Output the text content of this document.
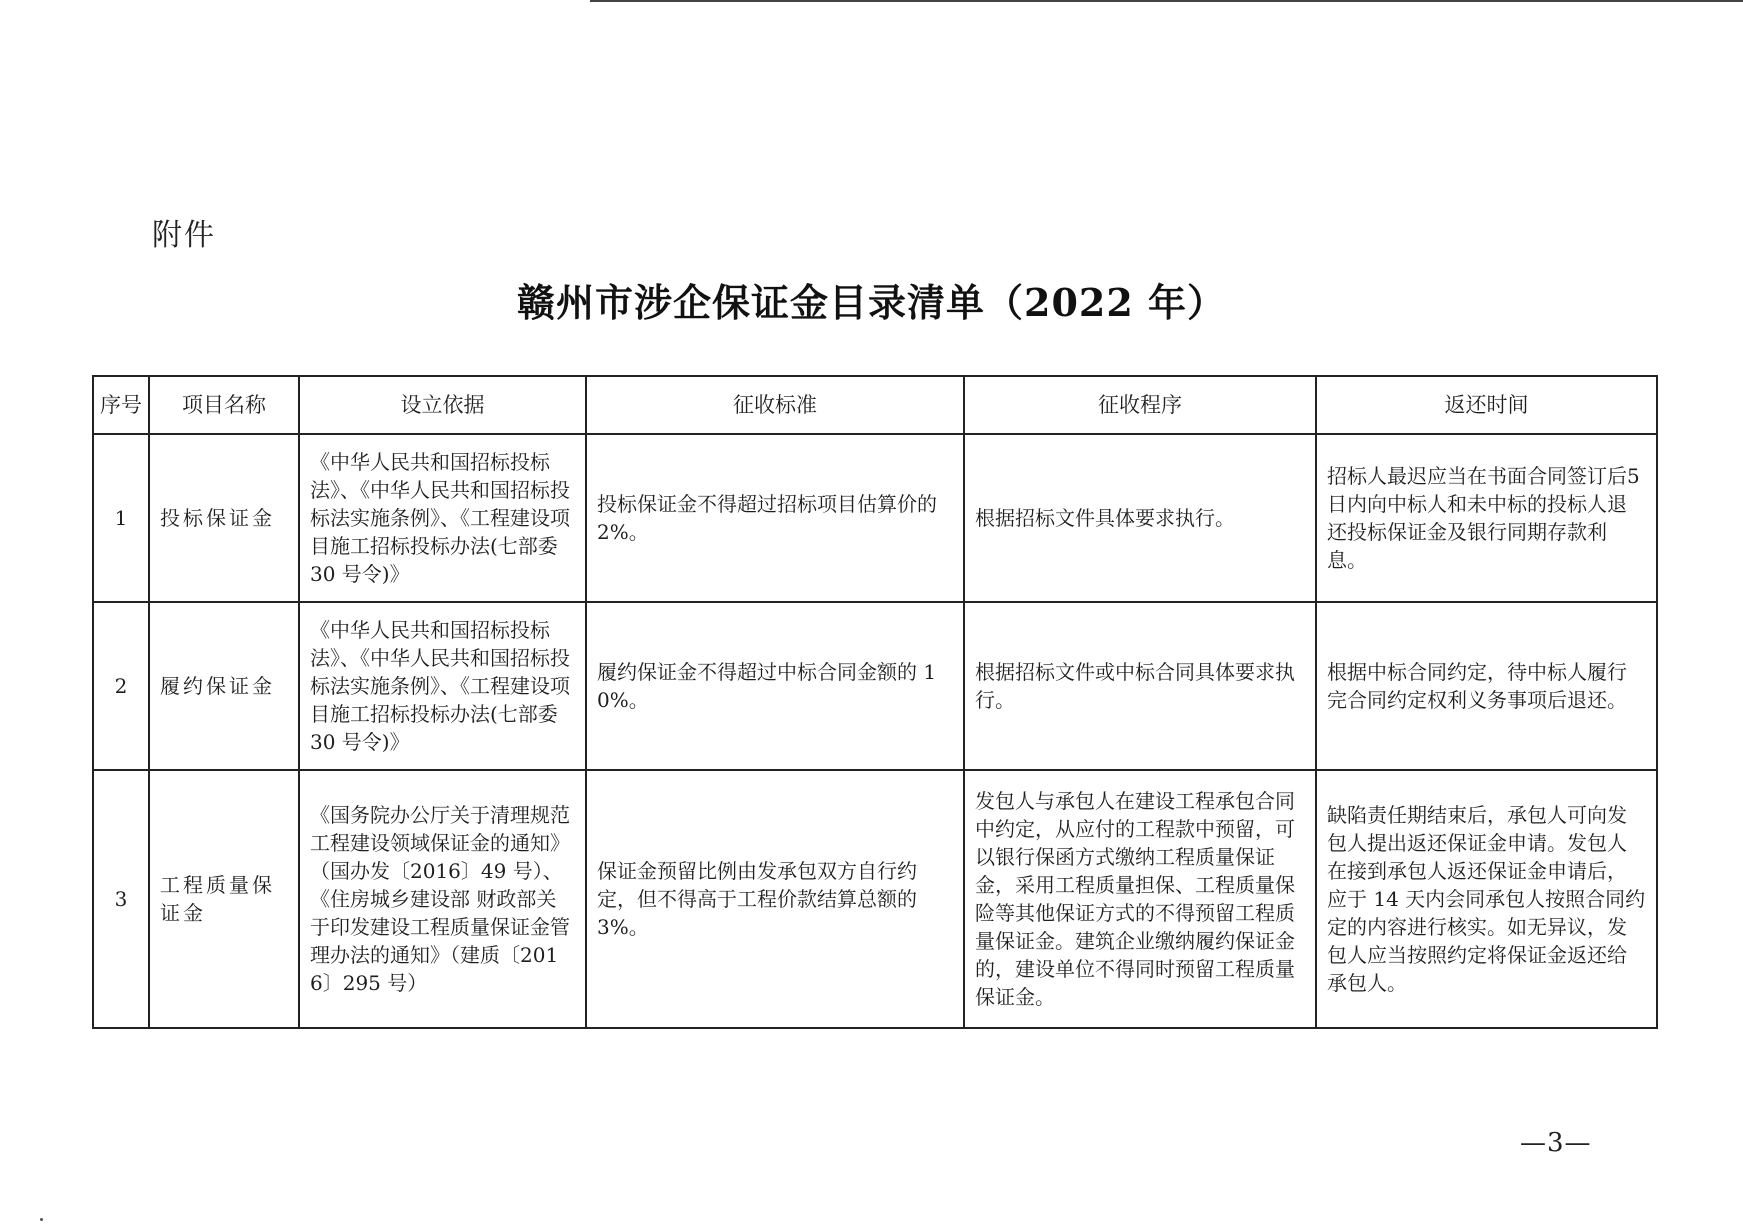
附件
赣州市涉企保证金目录清单（2022 年）
序号	项目名称	设立依据	征收标准	征收程序	返还时间
1	投标保证金	《中华人民共和国招标投标法》、《中华人民共和国招标投标法实施条例》、《工程建设项目施工招标投标办法(七部委 30 号令)》	投标保证金不得超过招标项目估算价的 2%。	根据招标文件具体要求执行。	招标人最迟应当在书面合同签订后5日内向中标人和未中标的投标人退还投标保证金及银行同期存款利息。
2	履约保证金	《中华人民共和国招标投标法》、《中华人民共和国招标投标法实施条例》、《工程建设项目施工招标投标办法(七部委 30 号令)》	履约保证金不得超过中标合同金额的 10%。	根据招标文件或中标合同具体要求执行。	根据中标合同约定，待中标人履行完合同约定权利义务事项后退还。
3	工程质量保证金	《国务院办公厅关于清理规范工程建设领域保证金的通知》（国办发〔2016〕49 号）、《住房城乡建设部 财政部关于印发建设工程质量保证金管理办法的通知》（建质〔2016〕295 号）	保证金预留比例由发承包双方自行约定，但不得高于工程价款结算总额的 3%。	发包人与承包人在建设工程承包合同中约定，从应付的工程款中预留，可以银行保函方式缴纳工程质量保证金，采用工程质量担保、工程质量保险等其他保证方式的不得预留工程质量保证金。建筑企业缴纳履约保证金的，建设单位不得同时预留工程质量保证金。	缺陷责任期结束后，承包人可向发包人提出返还保证金申请。发包人在接到承包人返还保证金申请后，应于 14 天内会同承包人按照合同约定的内容进行核实。如无异议，发包人应当按照约定将保证金返还给承包人。
—3—
